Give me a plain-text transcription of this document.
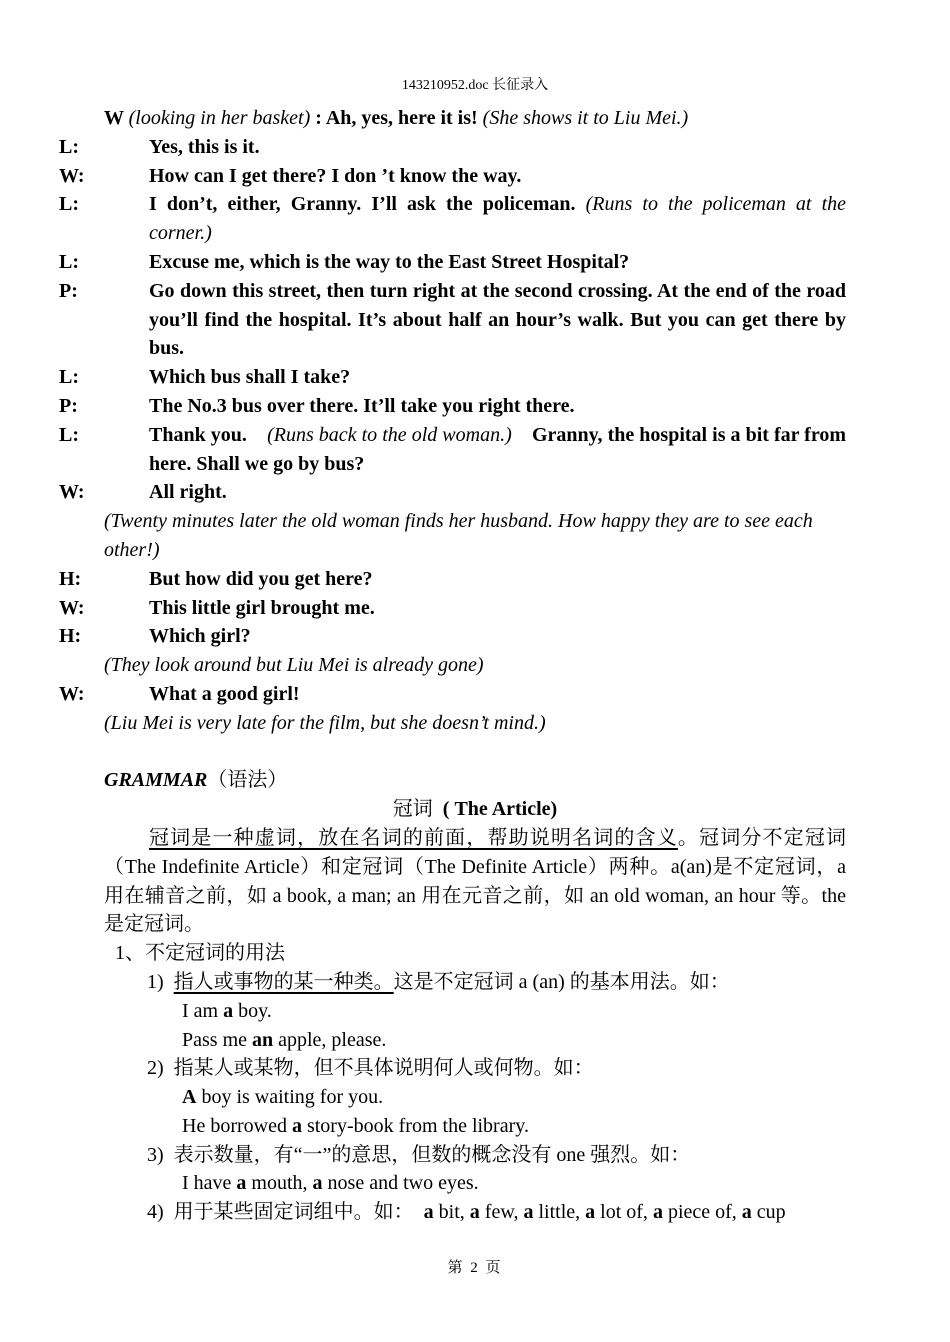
143210952.doc 长征录入
W (looking in her basket) : Ah, yes, here it is! (She shows it to Liu Mei.)
L:	Yes, this is it.
W:	How can I get there? I don ’t know the way.
L:	I don’t, either, Granny. I’ll ask the policeman. (Runs to the policeman at the corner.)
L:	Excuse me, which is the way to the East Street Hospital?
P:	Go down this street, then turn right at the second crossing. At the end of the road you’ll find the hospital. It’s about half an hour’s walk. But you can get there by bus.
L:	Which bus shall I take?
P:	The No.3 bus over there. It’ll take you right there.
L:	Thank you. (Runs back to the old woman.) Granny, the hospital is a bit far from here. Shall we go by bus?
W:	All right.
(Twenty minutes later the old woman finds her husband. How happy they are to see each other!)
H:	But how did you get here?
W:	This little girl brought me.
H:	Which girl?
(They look around but Liu Mei is already gone)
W:	What a good girl!
(Liu Mei is very late for the film, but she doesn’t mind.)
GRAMMAR（语法）
冠词 ( The Article)
冠词是一种虚词，放在名词的前面，帮助说明名词的含义。冠词分不定冠词（The Indefinite Article）和定冠词（The Definite Article）两种。a(an)是不定冠词，a 用在辅音之前，如 a book, a man; an 用在元音之前，如 an old woman, an hour 等。the 是定冠词。
1、不定冠词的用法
1) 指人或事物的某一种类。这是不定冠词 a (an) 的基本用法。如：
I am a boy.
Pass me an apple, please.
2) 指某人或某物，但不具体说明何人或何物。如：
A boy is waiting for you.
He borrowed a story-book from the library.
3) 表示数量，有“一”的意思，但数的概念没有 one 强烈。如：
I have a mouth, a nose and two eyes.
4) 用于某些固定词组中。如： a bit, a few, a little, a lot of, a piece of, a cup
第 2 页
